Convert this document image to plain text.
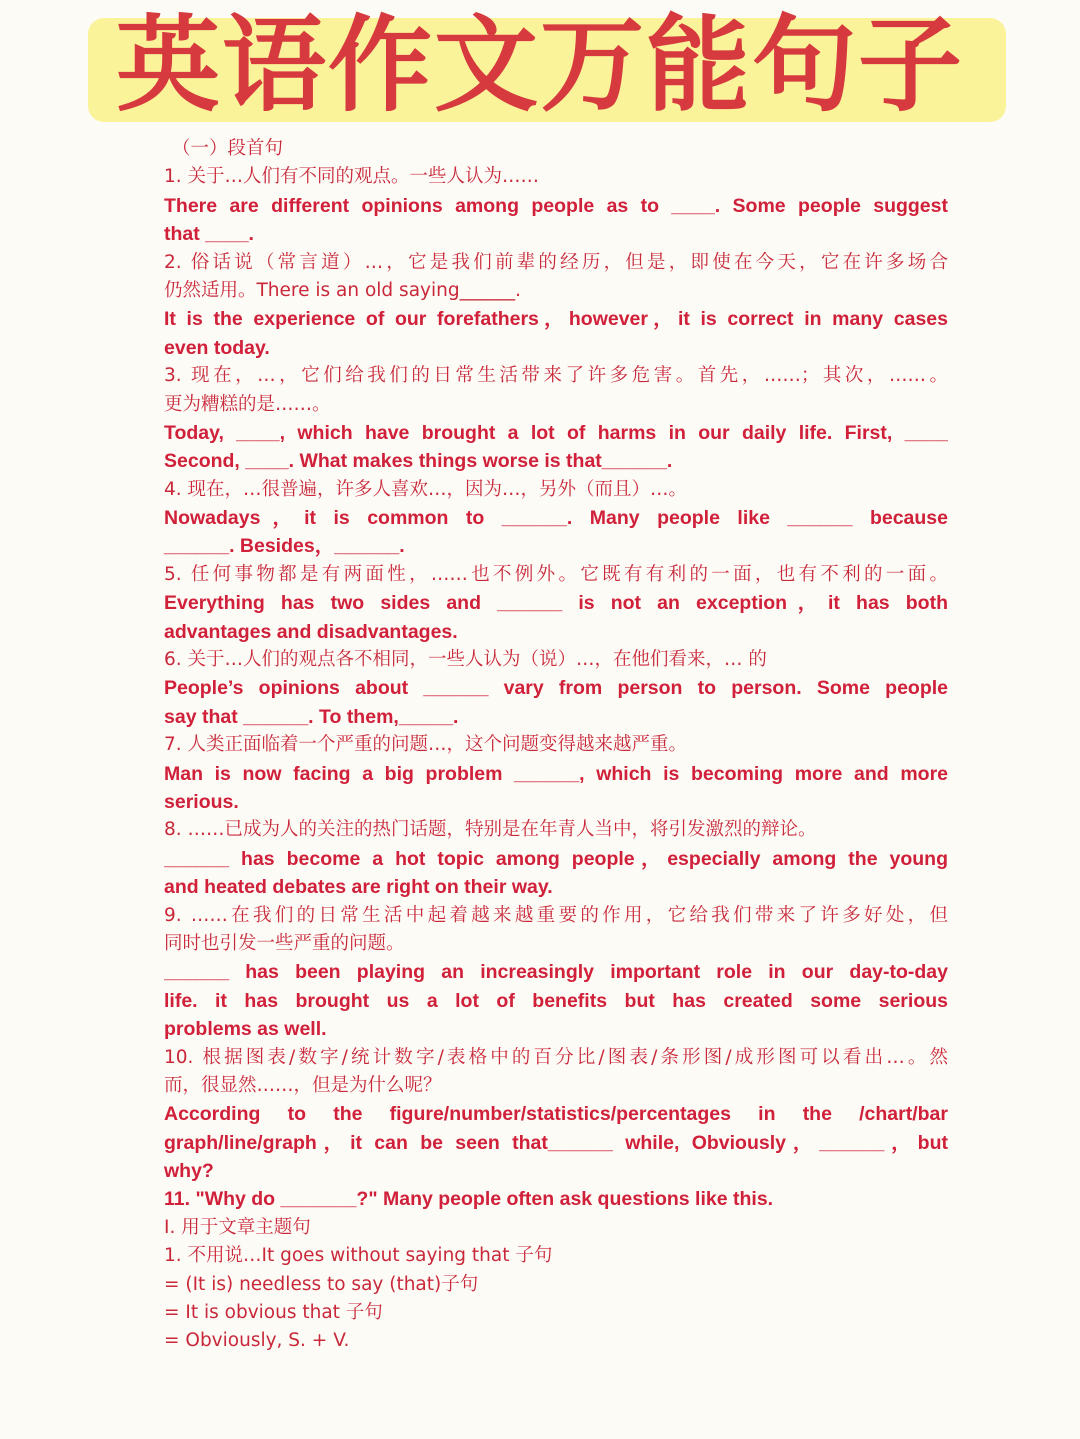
英语作文万能句子
（一）段首句
1. 关于…人们有不同的观点。一些人认为……
There are different opinions among people as to ____. Some people suggest
that ____.
2. 俗话说（常言道）…，它是我们前辈的经历，但是，即使在今天，它在许多场合
仍然适用。There is an old saying______.
It is the experience of our forefathers，however，it is correct in many cases
even today.
3. 现在，…，它们给我们的日常生活带来了许多危害。首先，……；其次，……。
更为糟糕的是……。
Today, ____, which have brought a lot of harms in our daily life. First, ____
Second, ____. What makes things worse is that______.
4. 现在，…很普遍，许多人喜欢…，因为…，另外（而且）…。
Nowadays，it is common to ______. Many people like ______ because
______. Besides，______.
5. 任何事物都是有两面性，……也不例外。它既有有利的一面，也有不利的一面。
Everything has two sides and ______ is not an exception，it has both
advantages and disadvantages.
6. 关于…人们的观点各不相同，一些人认为（说）…，在他们看来，… 的
People’s opinions about ______ vary from person to person. Some people
say that ______. To them,_____.
7. 人类正面临着一个严重的问题…，这个问题变得越来越严重。
Man is now facing a big problem ______, which is becoming more and more
serious.
8. ……已成为人的关注的热门话题，特别是在年青人当中，将引发激烈的辩论。
______ has become a hot topic among people，especially among the young
and heated debates are right on their way.
9. ……在我们的日常生活中起着越来越重要的作用，它给我们带来了许多好处，但
同时也引发一些严重的问题。
______ has been playing an increasingly important role in our day-to-day
life. it has brought us a lot of benefits but has created some serious
problems as well.
10. 根据图表/数字/统计数字/表格中的百分比/图表/条形图/成形图可以看出…。然
而，很显然……，但是为什么呢？
According to the figure/number/statistics/percentages in the /chart/bar
graph/line/graph，it can be seen that______ while, Obviously，______，but
why?
11. "Why do _______?" Many people often ask questions like this.
I. 用于文章主题句
1. 不用说…It goes without saying that 子句
= (It is) needless to say (that)子句
= It is obvious that 子句
= Obviously, S. + V.
